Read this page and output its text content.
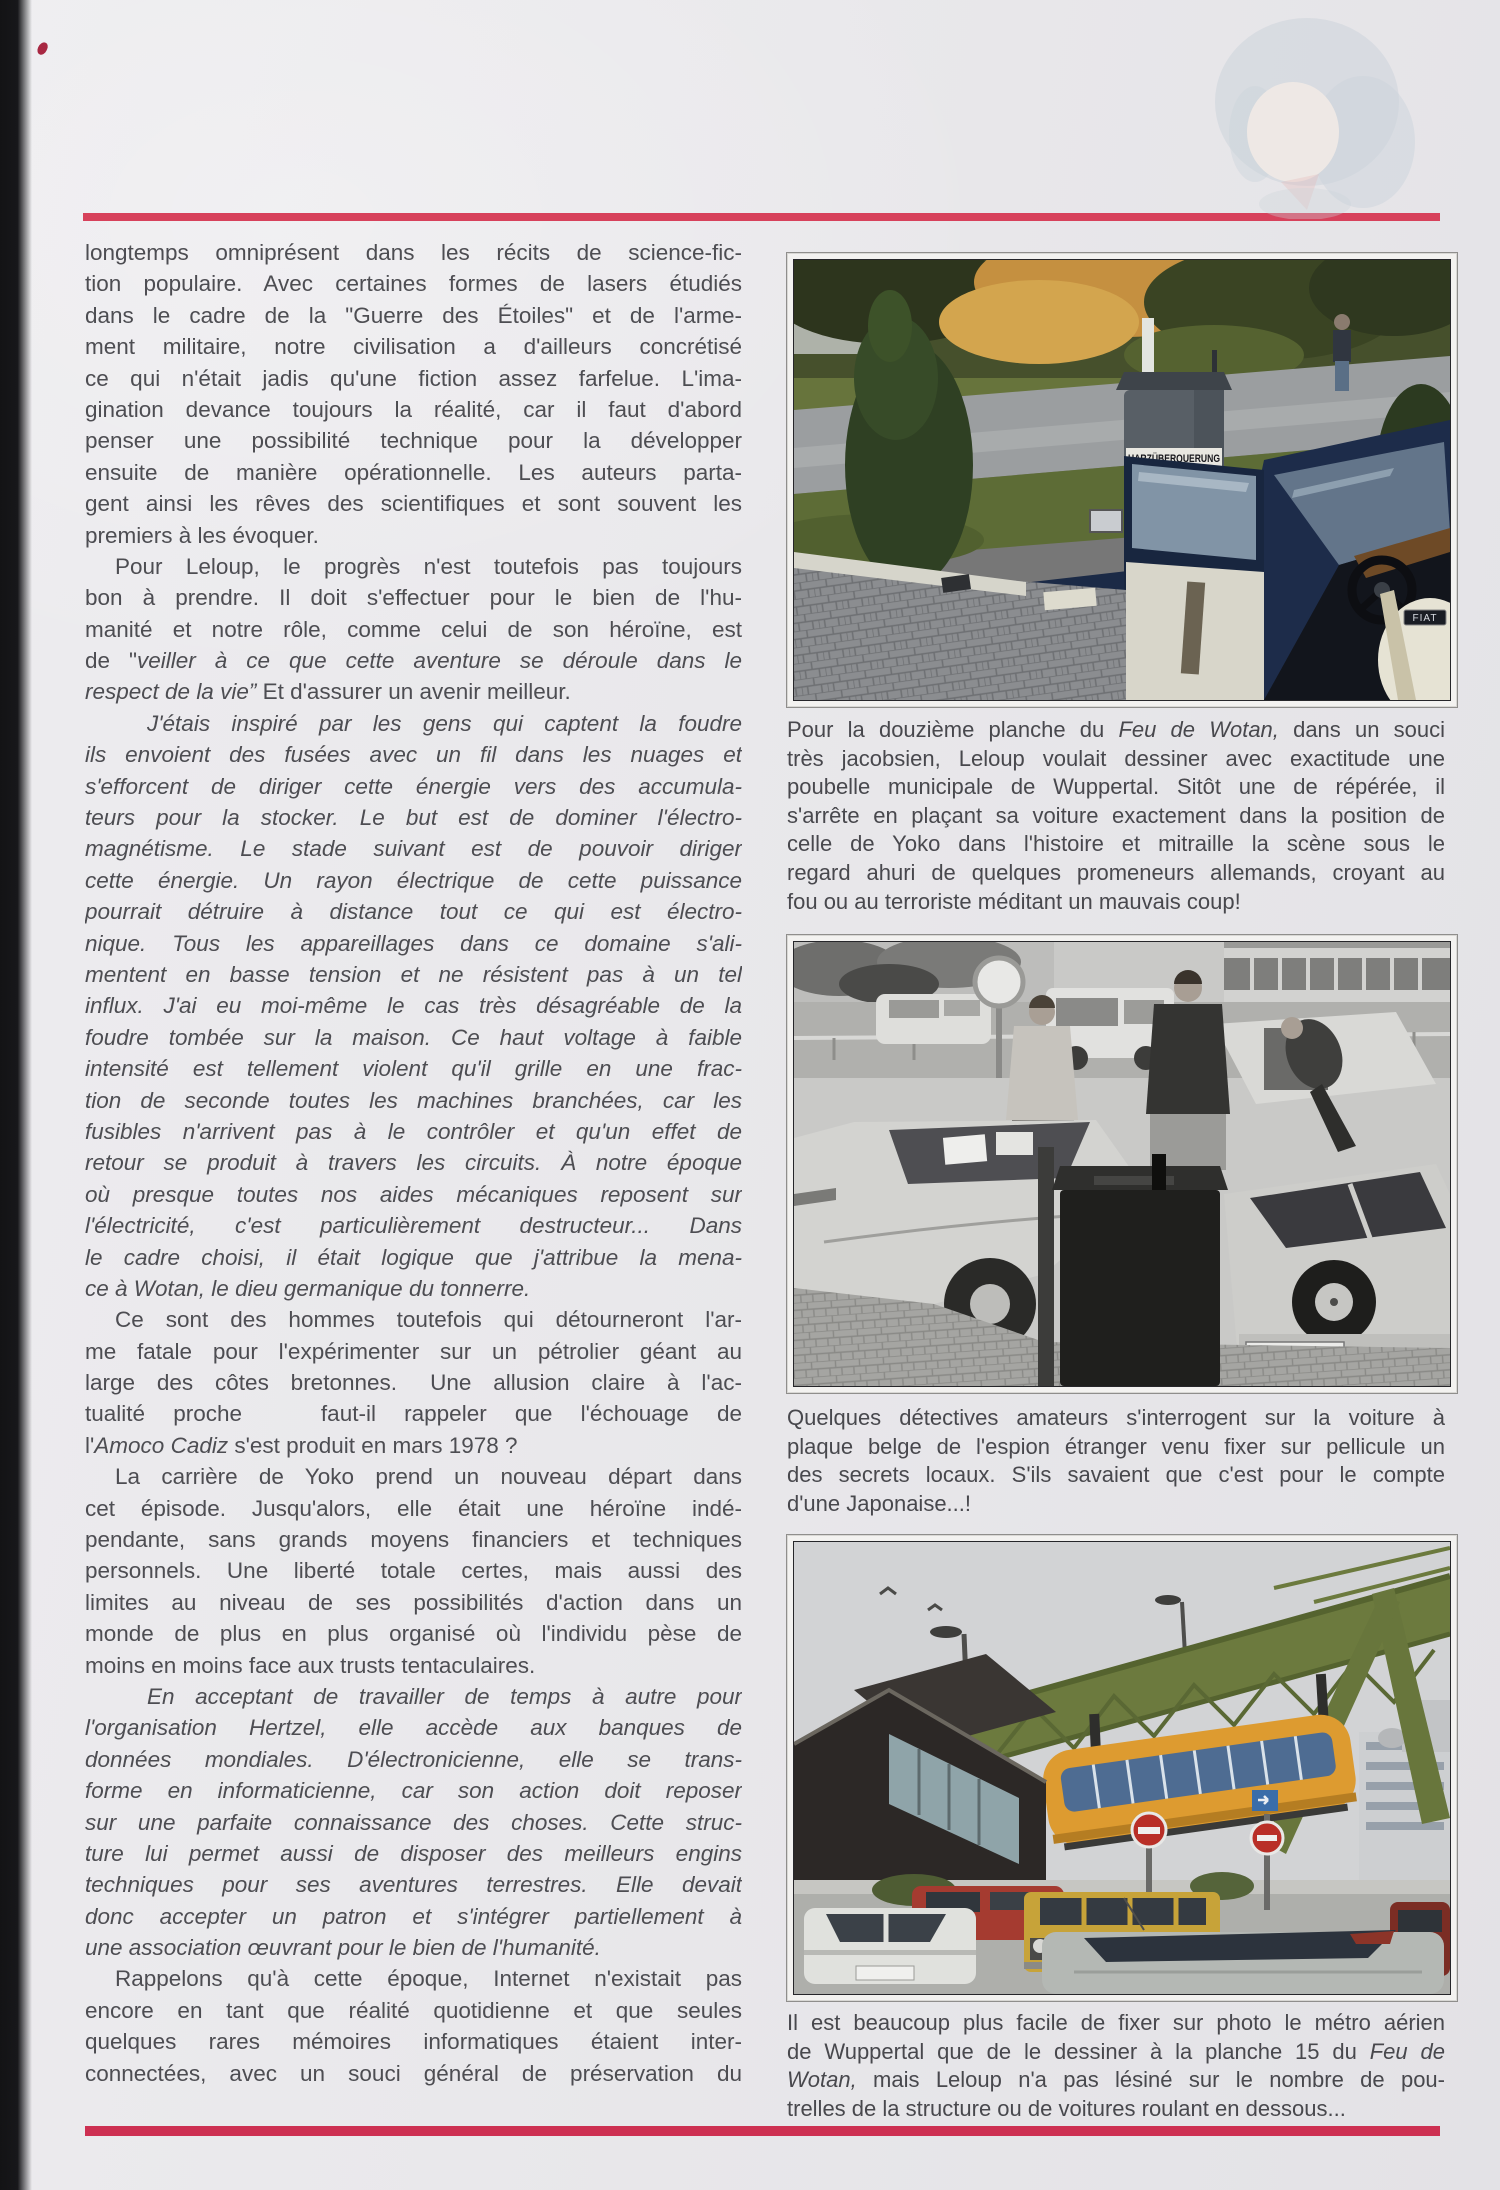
longtemps omniprésent dans les récits de science-fic-
tion populaire. Avec certaines formes de lasers étudiés
dans le cadre de la "Guerre des Étoiles" et de l'arme-
ment militaire, notre civilisation a d'ailleurs concrétisé
ce qui n'était jadis qu'une fiction assez farfelue. L'ima-
gination devance toujours la réalité, car il faut d'abord
penser une possibilité technique pour la développer
ensuite de manière opérationnelle. Les auteurs parta-
gent ainsi les rêves des scientifiques et sont souvent les
premiers à les évoquer.
Pour Leloup, le progrès n'est toutefois pas toujours
bon à prendre. Il doit s'effectuer pour le bien de l'hu-
manité et notre rôle, comme celui de son héroïne, est
de "veiller à ce que cette aventure se déroule dans le
respect de la vie” Et d'assurer un avenir meilleur.
J'étais inspiré par les gens qui captent la foudre
ils envoient des fusées avec un fil dans les nuages et
s'efforcent de diriger cette énergie vers des accumula-
teurs pour la stocker. Le but est de dominer l'électro-
magnétisme. Le stade suivant est de pouvoir diriger
cette énergie. Un rayon électrique de cette puissance
pourrait détruire à distance tout ce qui est électro-
nique. Tous les appareillages dans ce domaine s'ali-
mentent en basse tension et ne résistent pas à un tel
influx. J'ai eu moi-même le cas très désagréable de la
foudre tombée sur la maison. Ce haut voltage à faible
intensité est tellement violent qu'il grille en une frac-
tion de seconde toutes les machines branchées, car les
fusibles n'arrivent pas à le contrôler et qu'un effet de
retour se produit à travers les circuits. À notre époque
où presque toutes nos aides mécaniques reposent sur
l'électricité, c'est particulièrement destructeur... Dans
le cadre choisi, il était logique que j'attribue la mena-
ce à Wotan, le dieu germanique du tonnerre.
Ce sont des hommes toutefois qui détourneront l'ar-
me fatale pour l'expérimenter sur un pétrolier géant au
large des côtes bretonnes.  Une allusion claire à l'ac-
tualité proche   faut-il rappeler que l'échouage de
l'Amoco Cadiz s'est produit en mars 1978 ?
La carrière de Yoko prend un nouveau départ dans
cet épisode. Jusqu'alors, elle était une héroïne indé-
pendante, sans grands moyens financiers et techniques
personnels. Une liberté totale certes, mais aussi des
limites au niveau de ses possibilités d'action dans un
monde de plus en plus organisé où l'individu pèse de
moins en moins face aux trusts tentaculaires.
En acceptant de travailler de temps à autre pour
l'organisation Hertzel, elle accède aux banques de
données mondiales. D'électronicienne, elle se trans-
forme en informaticienne, car son action doit reposer
sur une parfaite connaissance des choses. Cette struc-
ture lui permet aussi de disposer des meilleurs engins
techniques pour ses aventures terrestres. Elle devait
donc accepter un patron et s'intégrer partiellement à
une association œuvrant pour le bien de l'humanité.
Rappelons qu'à cette époque, Internet n'existait pas
encore en tant que réalité quotidienne et que seules
quelques rares mémoires informatiques étaient inter-
connectées, avec un souci général de préservation du
HARZÜBERQUERUNG
FIAT
Pour la douzième planche du Feu de Wotan, dans un souci
très jacobsien, Leloup voulait dessiner avec exactitude une
poubelle municipale de Wuppertal. Sitôt une de répérée, il
s'arrête en plaçant sa voiture exactement dans la position de
celle de Yoko dans l'histoire et mitraille la scène sous le
regard ahuri de quelques promeneurs allemands, croyant au
fou ou au terroriste méditant un mauvais coup!
Quelques détectives amateurs s'interrogent sur la voiture à
plaque belge de l'espion étranger venu fixer sur pellicule un
des secrets locaux. S'ils savaient que c'est pour le compte
d'une Japonaise...!
Il est beaucoup plus facile de fixer sur photo le métro aérien
de Wuppertal que de le dessiner à la planche 15 du Feu de
Wotan, mais Leloup n'a pas lésiné sur le nombre de pou-
trelles de la structure ou de voitures roulant en dessous...
